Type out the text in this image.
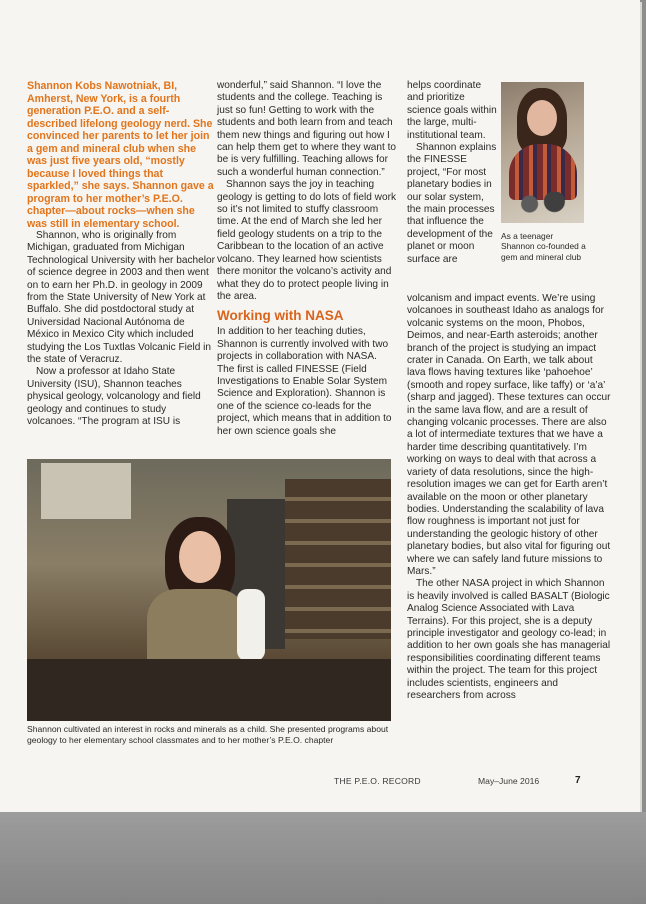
Shannon Kobs Nawotniak, BI, Amherst, New York, is a fourth generation P.E.O. and a self-described lifelong geology nerd. She convinced her parents to let her join a gem and mineral club when she was just five years old, “mostly because I loved things that sparkled,” she says. Shannon gave a program to her mother’s P.E.O. chapter—about rocks—when she was still in elementary school.

Shannon, who is originally from Michigan, graduated from Michigan Technological University with her bachelor of science degree in 2003 and then went on to earn her Ph.D. in geology in 2009 from the State University of New York at Buffalo. She did postdoctoral study at Universidad Nacional Autónoma de México in Mexico City which included studying the Los Tuxtlas Volcanic Field in the state of Veracruz.

Now a professor at Idaho State University (ISU), Shannon teaches physical geology, volcanology and field geology and continues to study volcanoes. “The program at ISU is

wonderful,” said Shannon. “I love the students and the college. Teaching is just so fun! Getting to work with the students and both learn from and teach them new things and figuring out how I can help them get to where they want to be is very fulfilling. Teaching allows for such a wonderful human connection.”

Shannon says the joy in teaching geology is getting to do lots of field work so it’s not limited to stuffy classroom time. At the end of March she led her field geology students on a trip to the Caribbean to the location of an active volcano. They learned how scientists there monitor the volcano’s activity and what they do to protect people living in the area.

Working with NASA

In addition to her teaching duties, Shannon is currently involved with two projects in collaboration with NASA. The first is called FINESSE (Field Investigations to Enable Solar System Science and Exploration). Shannon is one of the science co-leads for the project, which means that in addition to her own science goals she

helps coordinate and prioritize science goals within the large, multi-institutional team.

Shannon explains the FINESSE project, “For most planetary bodies in our solar system, the main processes that influence the development of the planet or moon surface are

As a teenager Shannon co-founded a gem and mineral club

volcanism and impact events. We’re using volcanoes in southeast Idaho as analogs for volcanic systems on the moon, Phobos, Deimos, and near-Earth asteroids; another branch of the project is studying an impact crater in Canada. On Earth, we talk about lava flows having textures like ‘pahoehoe’ (smooth and ropey surface, like taffy) or ‘a’a’ (sharp and jagged). These textures can occur in the same lava flow, and are a result of changing volcanic processes. There are also a lot of intermediate textures that we have a harder time describing quantitatively. I’m working on ways to deal with that across a variety of data resolutions, since the high-resolution images we can get for Earth aren’t available on the moon or other planetary bodies. Understanding the scalability of lava flow roughness is important not just for understanding the geologic history of other planetary bodies, but also vital for figuring out where we can safely land future missions to Mars.”

The other NASA project in which Shannon is heavily involved is called BASALT (Biologic Analog Science Associated with Lava Terrains). For this project, she is a deputy principle investigator and geology co-lead; in addition to her own goals she has managerial responsibilities coordinating different teams within the project. The team for this project includes scientists, engineers and researchers from across

Shannon cultivated an interest in rocks and minerals as a child. She presented programs about geology to her elementary school classmates and to her mother’s P.E.O. chapter
THE P.E.O. RECORD	May–June 2016	7
